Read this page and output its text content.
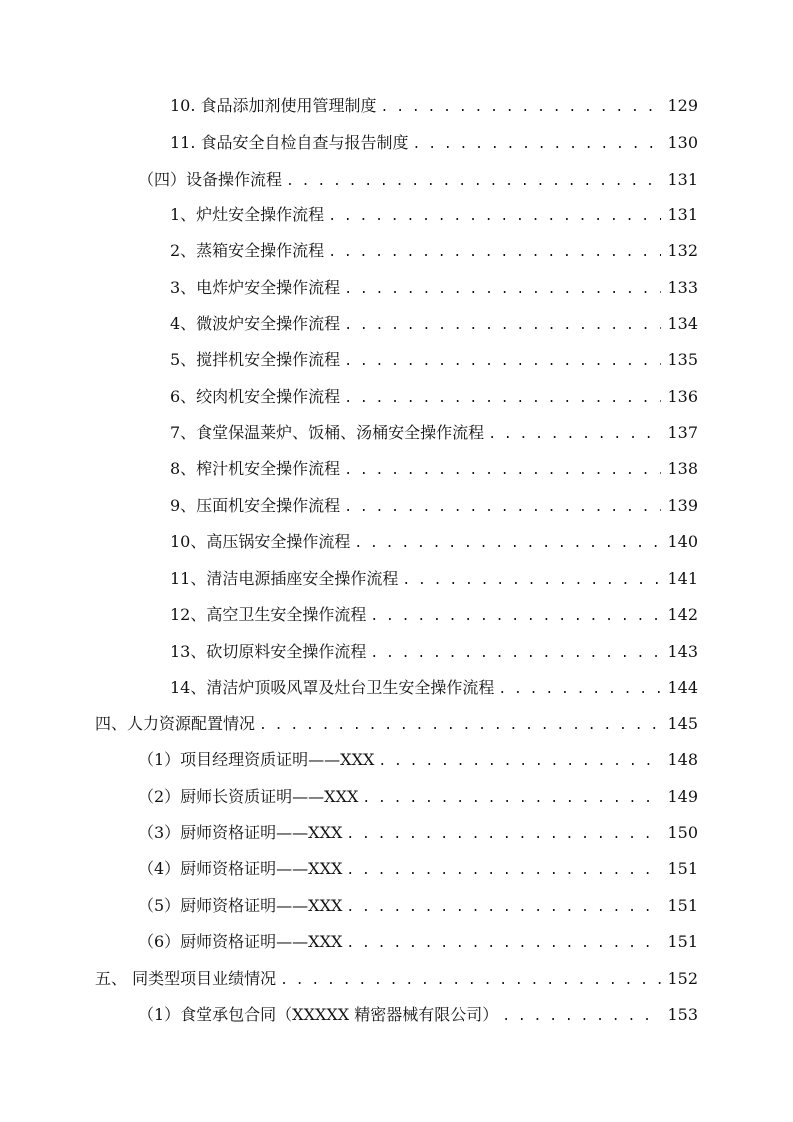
10. 食品添加剂使用管理制度 . . .	129
11. 食品安全自检自查与报告制度 . . .	130
（四）设备操作流程 . . .	131
1、炉灶安全操作流程 . . .	131
2、蒸箱安全操作流程 . . .	132
3、电炸炉安全操作流程 . . .	133
4、微波炉安全操作流程 . . .	134
5、搅拌机安全操作流程 . . .	135
6、绞肉机安全操作流程 . . .	136
7、食堂保温莱炉、饭桶、汤桶安全操作流程 . . .	137
8、榨汁机安全操作流程 . . .	138
9、压面机安全操作流程 . . .	139
10、高压锅安全操作流程 . . .	140
11、清洁电源插座安全操作流程 . . .	141
12、高空卫生安全操作流程 . . .	142
13、砍切原料安全操作流程 . . .	143
14、清洁炉顶吸风罩及灶台卫生安全操作流程 . . .	144
四、人力资源配置情况 . . .	145
（1）项目经理资质证明——XXX . . .	148
（2）厨师长资质证明——XXX . . .	149
（3）厨师资格证明——XXX . . .	150
（4）厨师资格证明——XXX . . .	151
（5）厨师资格证明——XXX . . .	151
（6）厨师资格证明——XXX . . .	151
五、 同类型项目业绩情况 . . .	152
（1）食堂承包合同（XXXXX 精密器械有限公司） . . .	153
